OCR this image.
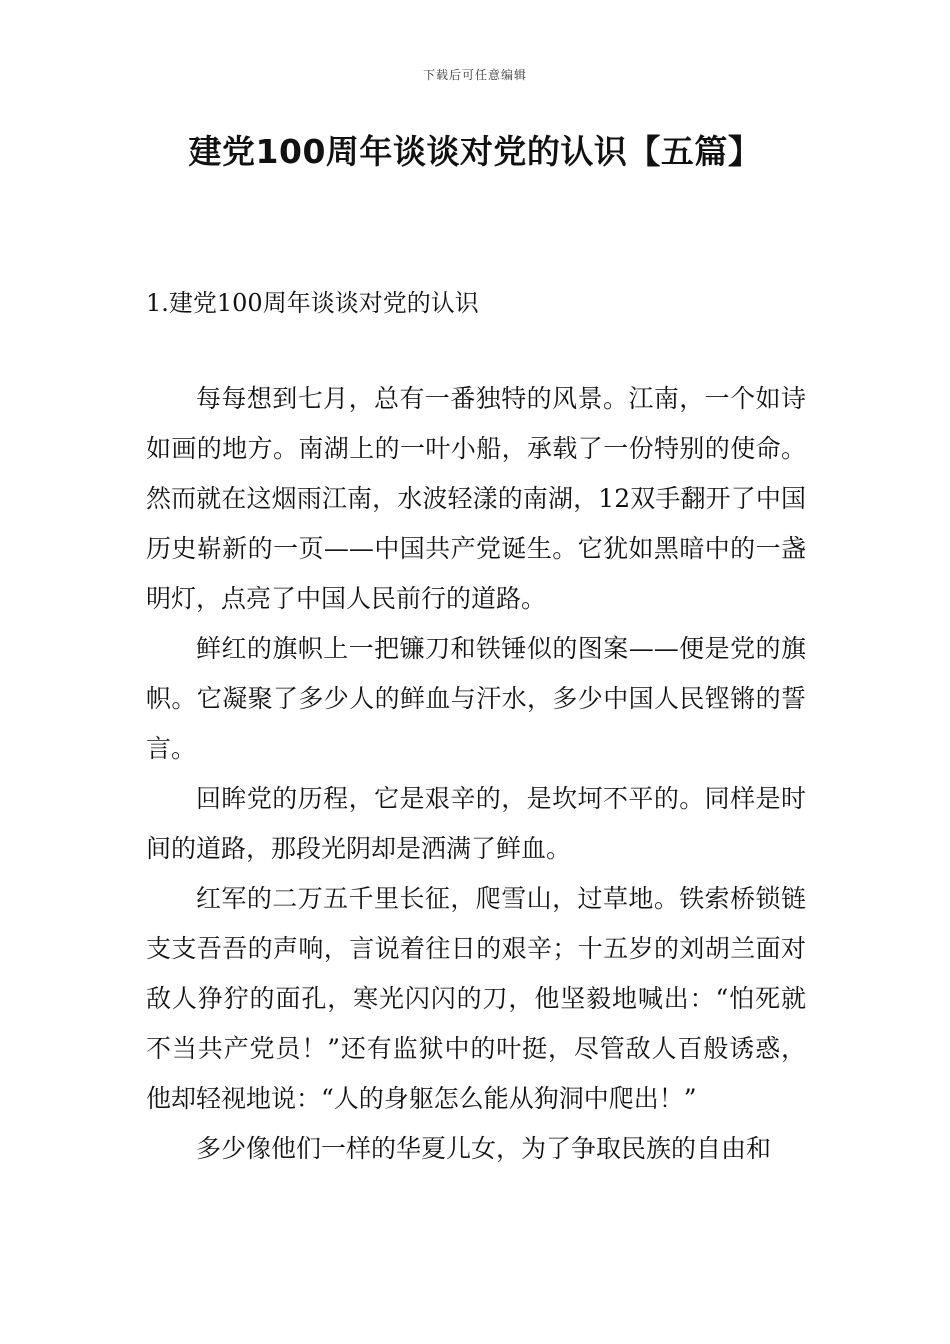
下载后可任意编辑
建党100周年谈谈对党的认识【五篇】
1.建党100周年谈谈对党的认识

每每想到七月，总有一番独特的风景。江南，一个如诗如画的地方。南湖上的一叶小船，承载了一份特别的使命。然而就在这烟雨江南，水波轻漾的南湖，12双手翻开了中国历史崭新的一页——中国共产党诞生。它犹如黑暗中的一盏明灯，点亮了中国人民前行的道路。

鲜红的旗帜上一把镰刀和铁锤似的图案——便是党的旗帜。它凝聚了多少人的鲜血与汗水，多少中国人民铿锵的誓言。

回眸党的历程，它是艰辛的，是坎坷不平的。同样是时间的道路，那段光阴却是洒满了鲜血。

红军的二万五千里长征，爬雪山，过草地。铁索桥锁链支支吾吾的声响，言说着往日的艰辛；十五岁的刘胡兰面对敌人狰狞的面孔，寒光闪闪的刀，他坚毅地喊出：“怕死就不当共产党员！”还有监狱中的叶挺，尽管敌人百般诱惑，他却轻视地说：“人的身躯怎么能从狗洞中爬出！”

多少像他们一样的华夏儿女，为了争取民族的自由和
